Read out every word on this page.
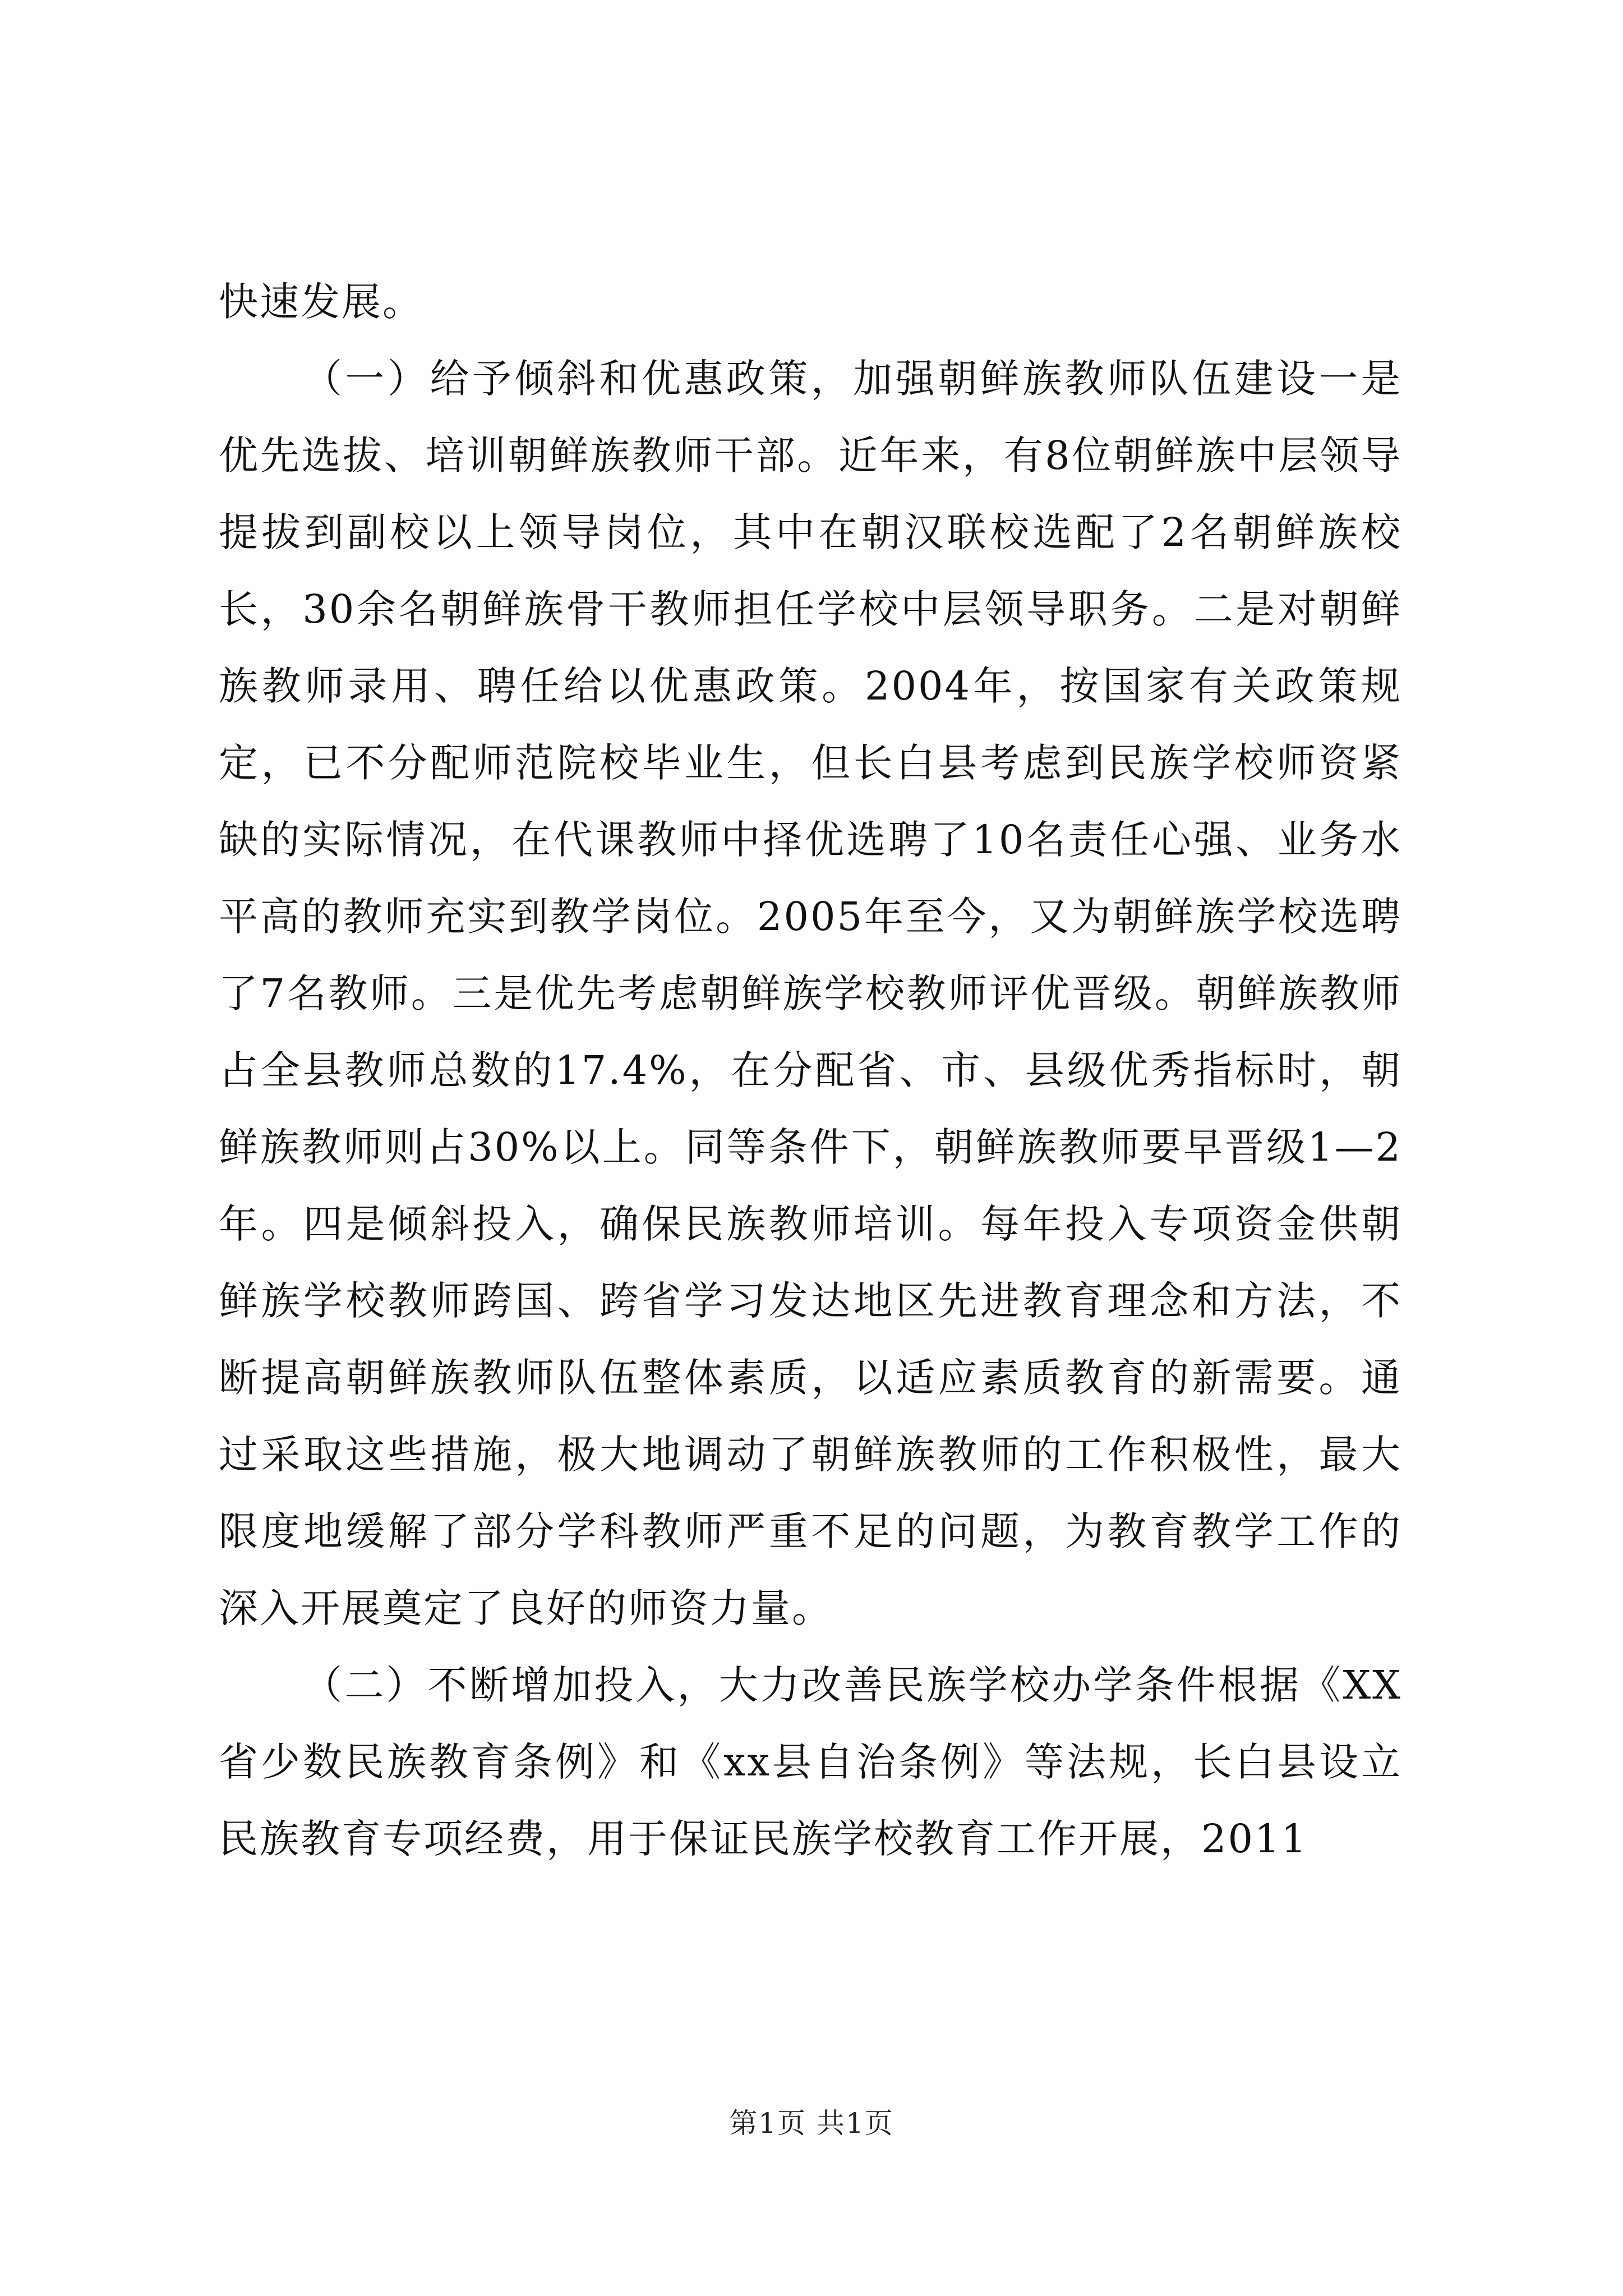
快速发展。

（一）给予倾斜和优惠政策，加强朝鲜族教师队伍建设一是优先选拔、培训朝鲜族教师干部。近年来，有8位朝鲜族中层领导提拔到副校以上领导岗位，其中在朝汉联校选配了2名朝鲜族校长，30余名朝鲜族骨干教师担任学校中层领导职务。二是对朝鲜族教师录用、聘任给以优惠政策。2004年，按国家有关政策规定，已不分配师范院校毕业生，但长白县考虑到民族学校师资紧缺的实际情况，在代课教师中择优选聘了10名责任心强、业务水平高的教师充实到教学岗位。2005年至今，又为朝鲜族学校选聘了7名教师。三是优先考虑朝鲜族学校教师评优晋级。朝鲜族教师占全县教师总数的17.4%，在分配省、市、县级优秀指标时，朝鲜族教师则占30%以上。同等条件下，朝鲜族教师要早晋级1—2年。四是倾斜投入，确保民族教师培训。每年投入专项资金供朝鲜族学校教师跨国、跨省学习发达地区先进教育理念和方法，不断提高朝鲜族教师队伍整体素质，以适应素质教育的新需要。通过采取这些措施，极大地调动了朝鲜族教师的工作积极性，最大限度地缓解了部分学科教师严重不足的问题，为教育教学工作的深入开展奠定了良好的师资力量。

（二）不断增加投入，大力改善民族学校办学条件根据《XX省少数民族教育条例》和《xx县自治条例》等法规，长白县设立民族教育专项经费，用于保证民族学校教育工作开展，2011

第1页 共1页
